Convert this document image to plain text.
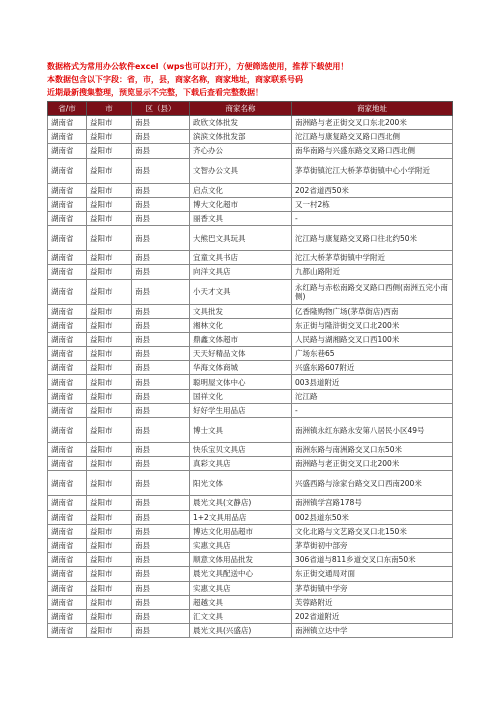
数据格式为常用办公软件excel（wps也可以打开），方便筛选使用，推荐下载使用！
本数据包含以下字段：省，市，县，商家名称，商家地址，商家联系号码
近期最新搜集整理，预览显示不完整，下载后查看完整数据！
省/市	市	区（县）	商家名称	商家地址
湖南省	益阳市	南县	政欣文体批发	南洲路与老正街交叉口东北200米
湖南省	益阳市	南县	滨滨文体批发部	沱江路与康复路交叉路口西北侧
湖南省	益阳市	南县	齐心办公	南华南路与兴盛东路交叉路口西北侧
湖南省	益阳市	南县	文智办公文具	茅草街镇沱江大桥茅草街镇中心小学附近
湖南省	益阳市	南县	启点文化	202省道西50米
湖南省	益阳市	南县	博大文化超市	又一村2栋
湖南省	益阳市	南县	丽香文具	-
湖南省	益阳市	南县	大熊巴文具玩具	沱江路与康复路交叉路口往北约50米
湖南省	益阳市	南县	宜童文具书店	沱江大桥茅草街镇中学附近
湖南省	益阳市	南县	向洋文具店	九都山路附近
湖南省	益阳市	南县	小天才文具	永红路与赤松南路交叉路口西侧(南洲五完小南侧)
湖南省	益阳市	南县	文具批发	亿香隆购物广场(茅草街店)西南
湖南省	益阳市	南县	湘林文化	东正街与隆浒街交叉口北200米
湖南省	益阳市	南县	鼎鑫文体超市	人民路与湖湘路交叉口西100米
湖南省	益阳市	南县	天天好精品文体	广场东巷65
湖南省	益阳市	南县	华海文体商城	兴盛东路607附近
湖南省	益阳市	南县	聪明屋文体中心	003县道附近
湖南省	益阳市	南县	国祥文化	沱江路
湖南省	益阳市	南县	好好学生用品店	-
湖南省	益阳市	南县	博士文具	南洲镇永红东路永安第八居民小区49号
湖南省	益阳市	南县	快乐宝贝文具店	南洲东路与南洲路交叉口东50米
湖南省	益阳市	南县	真彩文具店	南洲路与老正街交叉口北200米
湖南省	益阳市	南县	阳光文体	兴盛西路与涂家台路交叉口西南200米
湖南省	益阳市	南县	晨光文具(文静店)	南洲镇学宫路178号
湖南省	益阳市	南县	1+2文具用品店	002县道东50米
湖南省	益阳市	南县	博达文化用品超市	文化北路与文艺路交叉口北150米
湖南省	益阳市	南县	实惠文具店	茅草街初中部旁
湖南省	益阳市	南县	顺意文体用品批发	306省道与811乡道交叉口东南50米
湖南省	益阳市	南县	晨光文具配送中心	东正街交通局对面
湖南省	益阳市	南县	实惠文具店	茅草街镇中学旁
湖南省	益阳市	南县	超越文具	芙蓉路附近
湖南省	益阳市	南县	汇文文具	202省道附近
湖南省	益阳市	南县	晨光文具(兴盛店)	南洲镇立达中学
